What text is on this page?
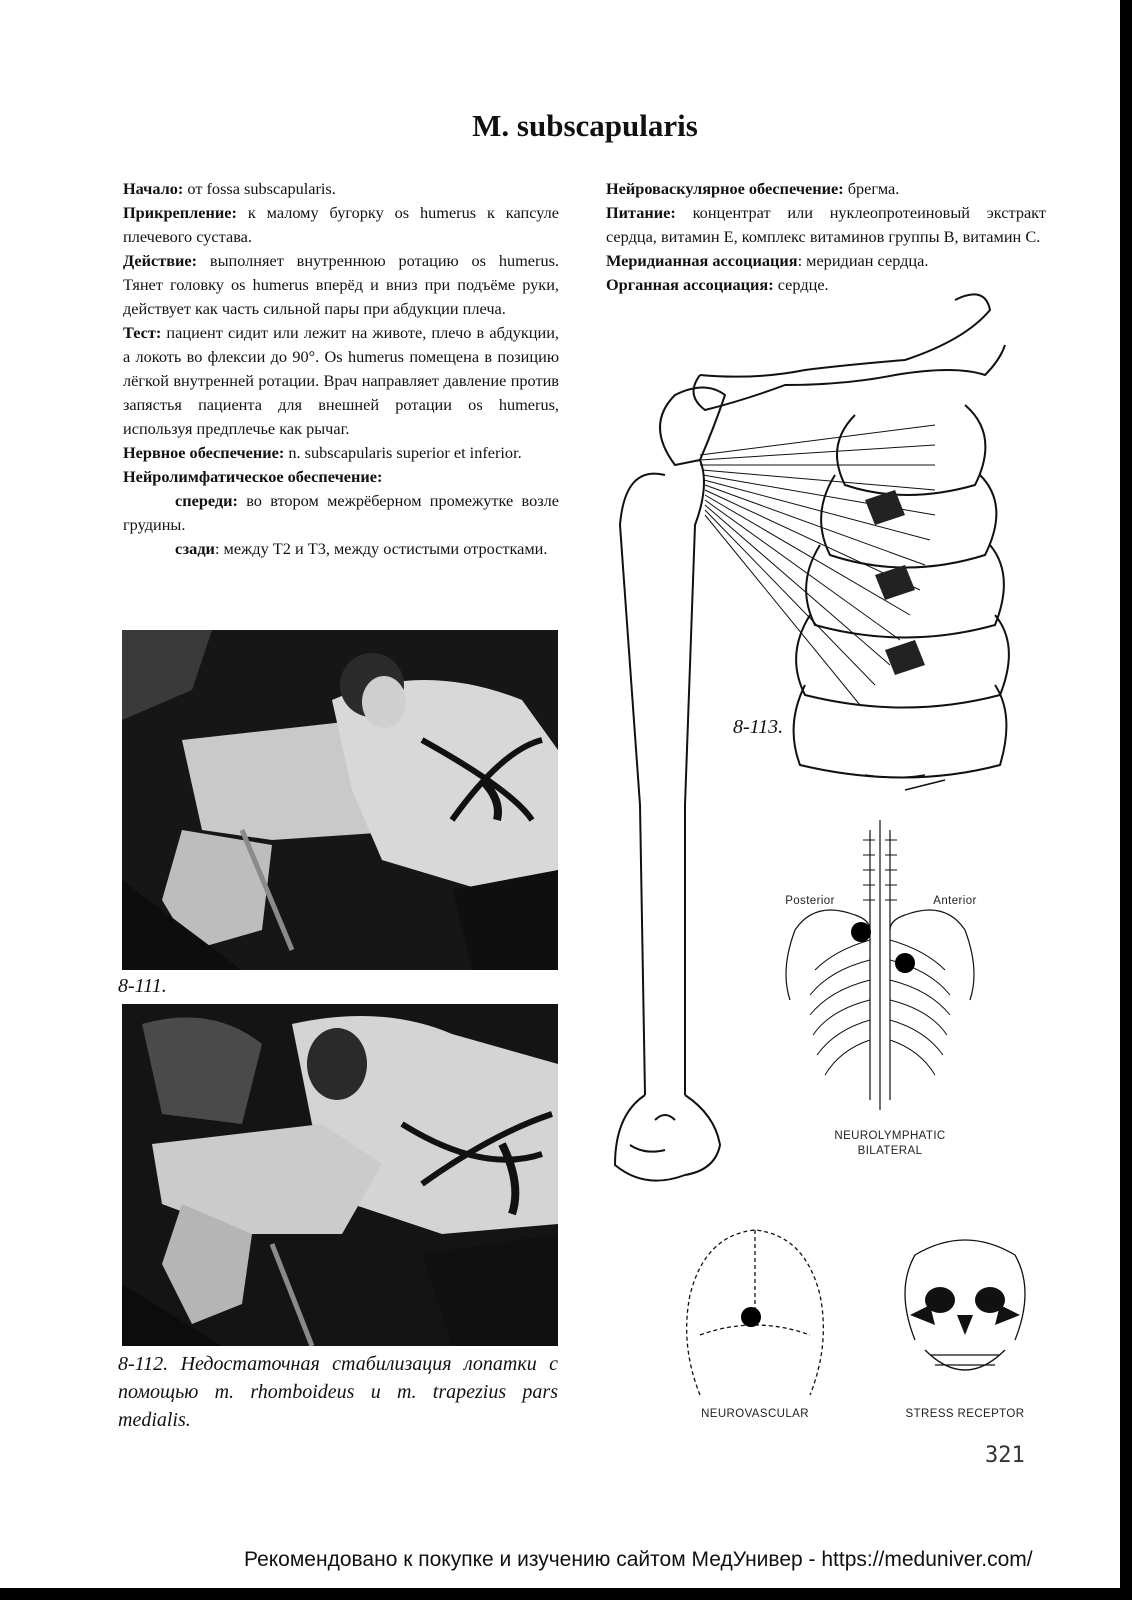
M. subscapularis

Начало: от fossa subscapularis.

Прикрепление: к малому бугорку os humerus к капсуле плечевого сустава.

Действие: выполняет внутреннюю ротацию os humerus. Тянет головку os humerus вперёд и вниз при подъёме руки, действует как часть сильной пары при абдукции плеча.

Тест: пациент сидит или лежит на животе, плечо в абдукции, а локоть во флексии до 90°. Os humerus помещена в позицию лёгкой внутренней ротации. Врач направляет давление против запястья пациента для внешней ротации os humerus, используя предплечье как рычаг.

Нервное обеспечение: n. subscapularis superior et inferior.

Нейролимфатическое обеспечение:

спереди: во втором межрёберном промежутке возле грудины.

сзади: между Т2 и Т3, между остистыми отростками.

Нейроваскулярное обеспечение: брегма.

Питание: концентрат или нуклеопротеиновый экстракт сердца, витамин Е, комплекс витаминов группы В, витамин С.

Меридианная ассоциация: меридиан сердца.

Органная ассоциация: сердце.

8-111.
8-112. Недостаточная стабилизация лопатки с помощью m. rhomboideus и m. trapezius pars medialis.
8-113.
Posterior	Anterior
NEUROLYMPHATIC
BILATERAL
NEUROVASCULAR	STRESS RECEPTOR
321
Рекомендовано к покупке и изучению сайтом МедУнивер - https://meduniver.com/
